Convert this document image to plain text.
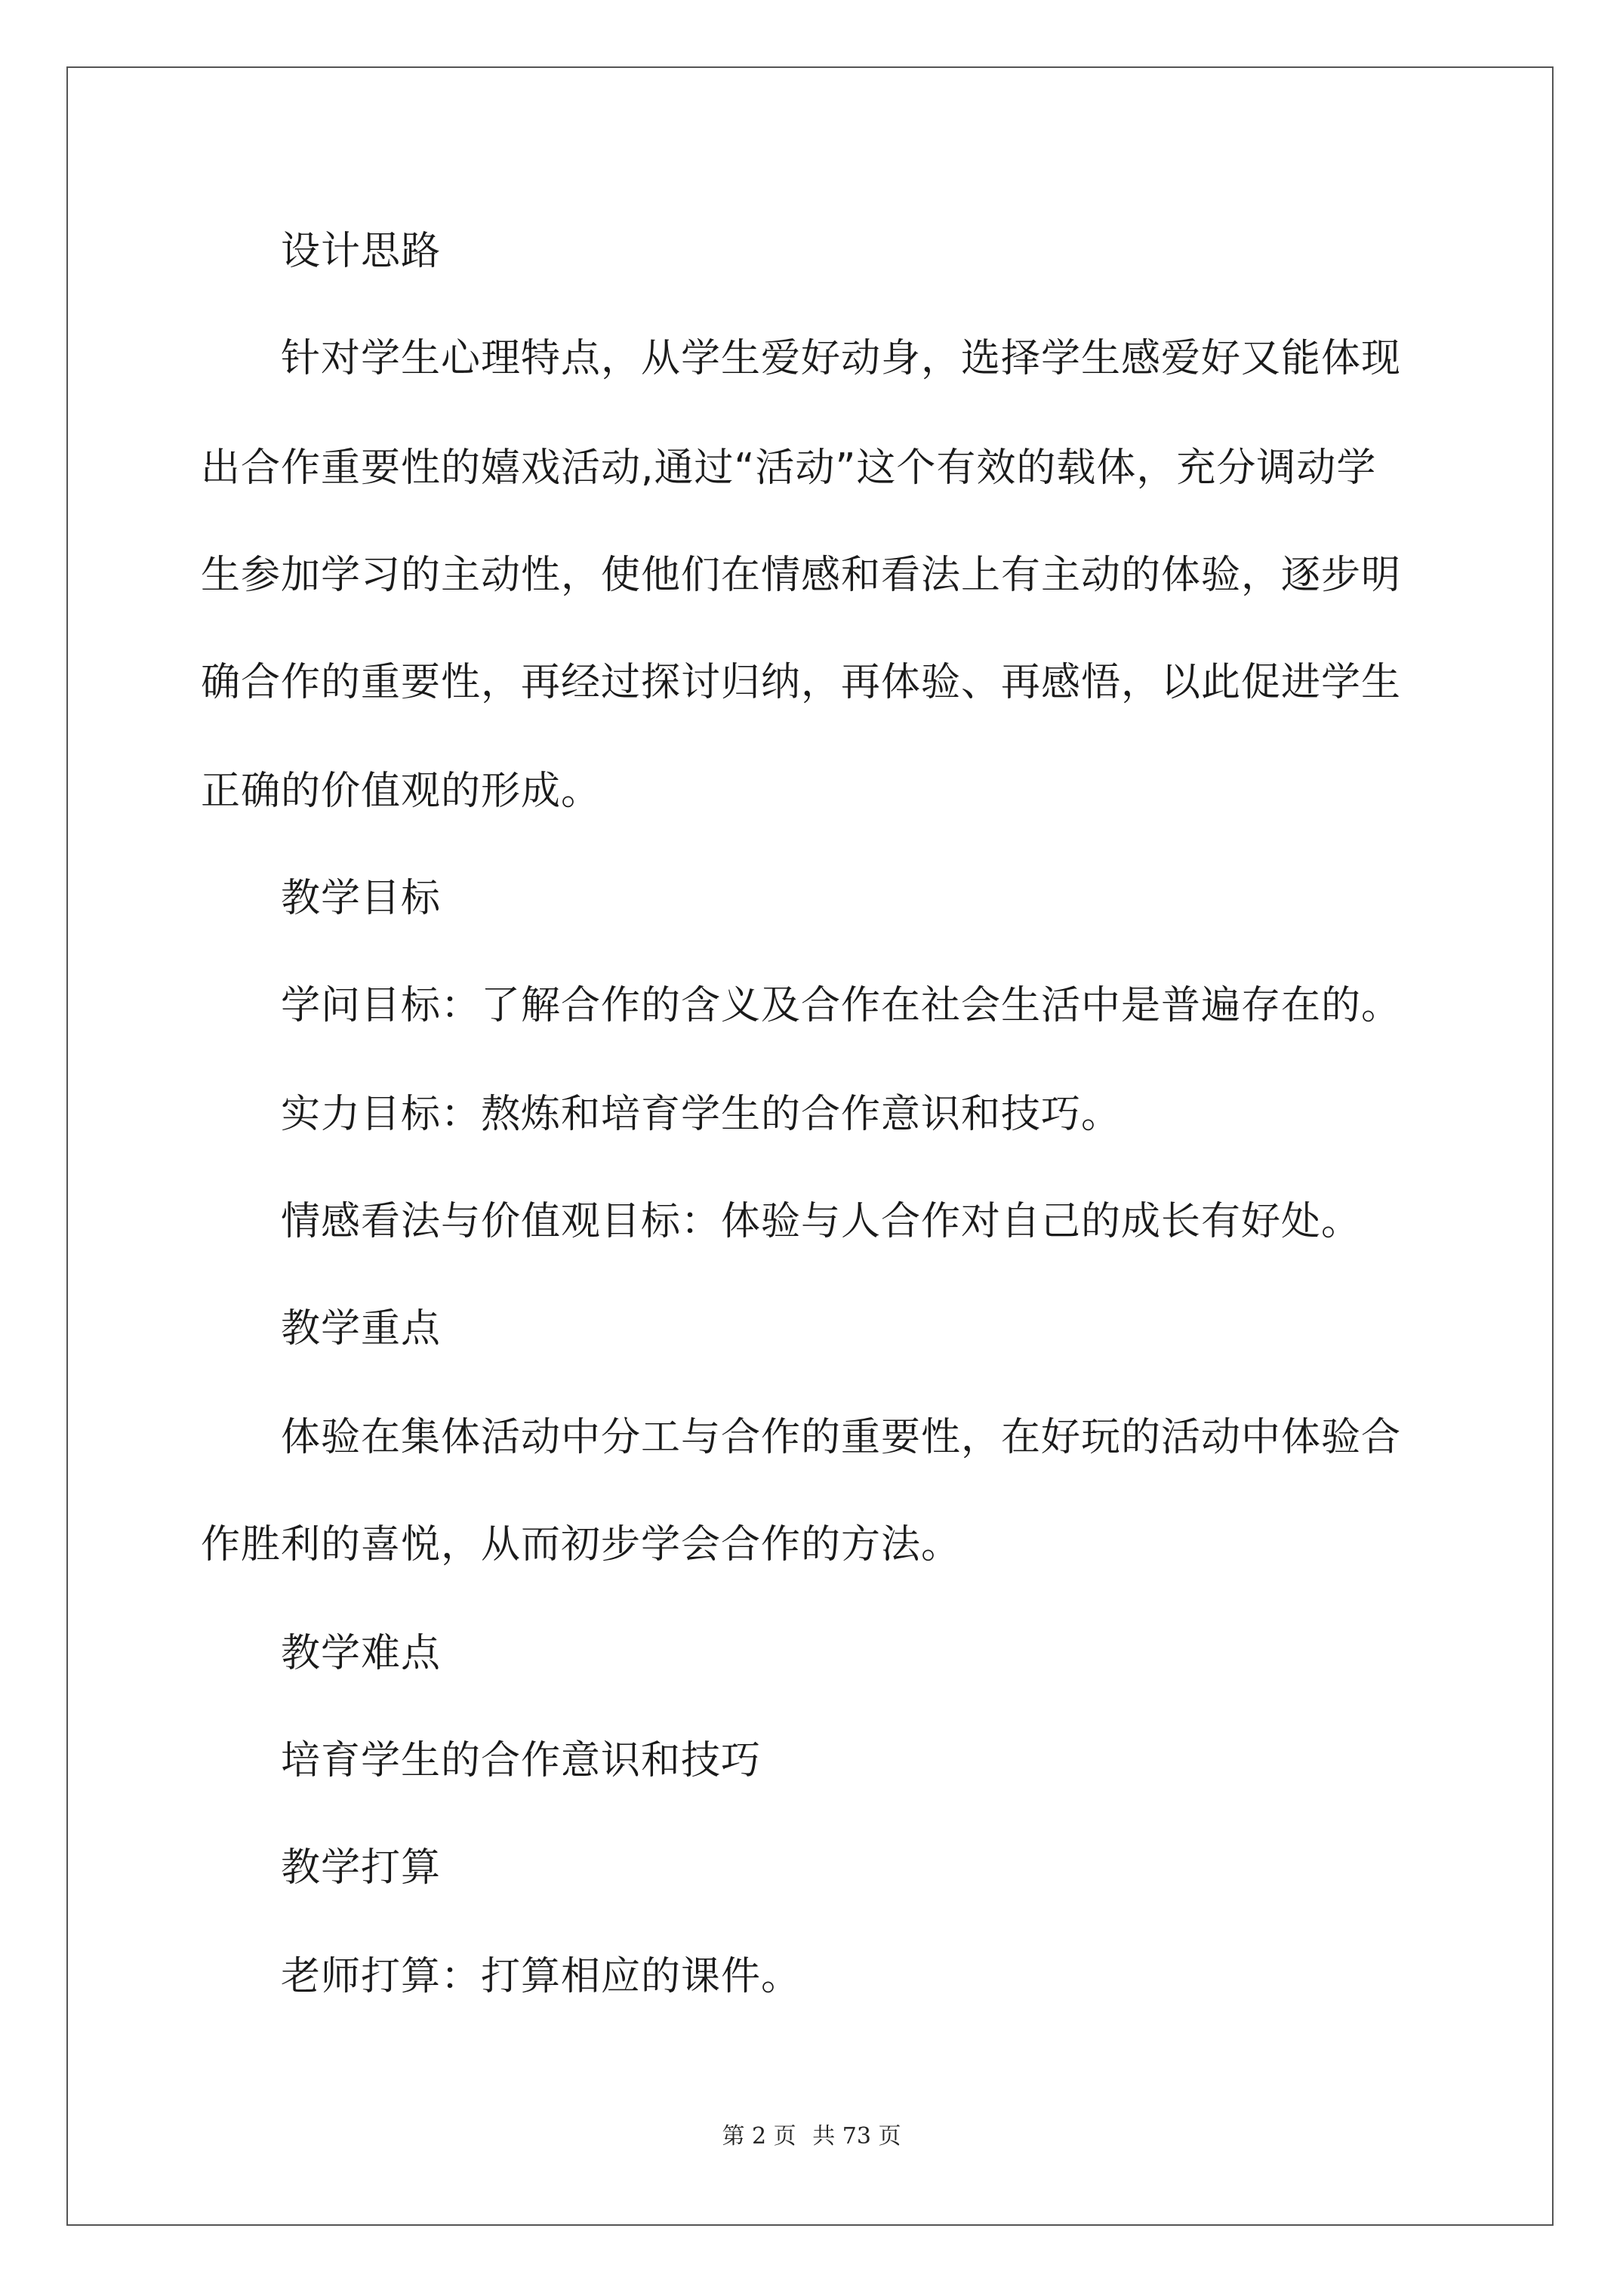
设计思路
针对学生心理特点，从学生爱好动身，选择学生感爱好又能体现
出合作重要性的嬉戏活动,通过“活动”这个有效的载体，充分调动学
生参加学习的主动性，使他们在情感和看法上有主动的体验，逐步明
确合作的重要性，再经过探讨归纳，再体验、再感悟，以此促进学生
正确的价值观的形成。
教学目标
学问目标：了解合作的含义及合作在社会生活中是普遍存在的。
实力目标：熬炼和培育学生的合作意识和技巧。
情感看法与价值观目标：体验与人合作对自己的成长有好处。
教学重点
体验在集体活动中分工与合作的重要性，在好玩的活动中体验合
作胜利的喜悦，从而初步学会合作的方法。
教学难点
培育学生的合作意识和技巧
教学打算
老师打算：打算相应的课件。
第 2 页 共 73 页
